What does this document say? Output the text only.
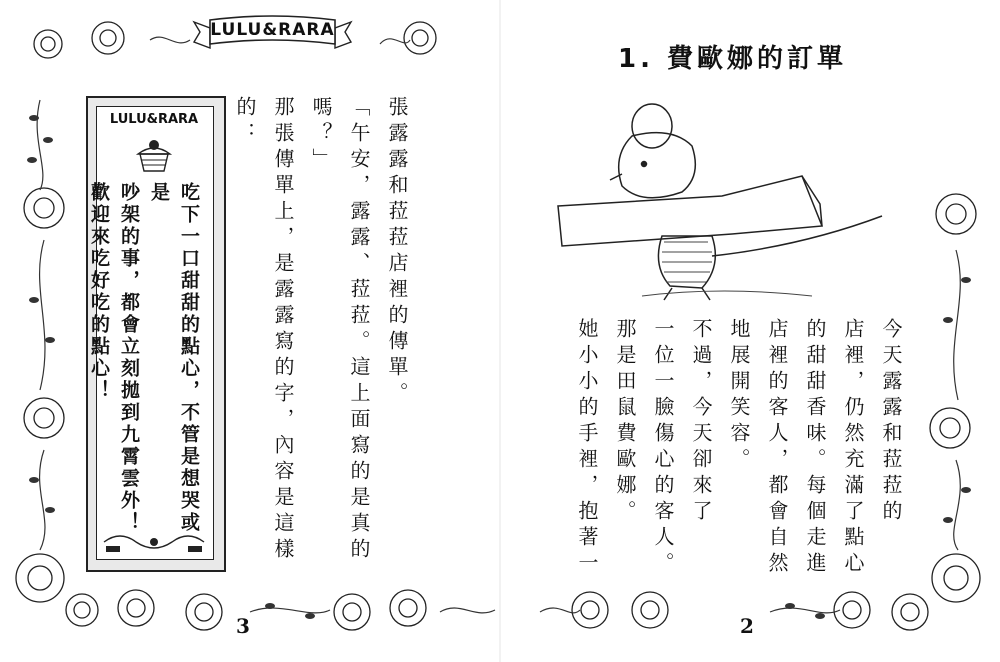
LULU&RARA
LULU&RARA
吃下一口甜甜的點心，不管是想哭或是
吵架的事，都會立刻拋到九霄雲外！
歡迎來吃好吃的點心！	張露露和菈菈店裡的傳單。
「午安，露露、菈菈。這上面寫的是真的
嗎？」
那張傳單上，是露露寫的字，內容是這樣
的：
3
1. 費歐娜的訂單
今天露露和菈菈的
店裡，仍然充滿了點心
的甜甜香味。每個走進
店裡的客人，都會自然
地展開笑容。
不過，今天卻來了
一位一臉傷心的客人。
那是田鼠費歐娜。
她小小的手裡，抱著一
2
